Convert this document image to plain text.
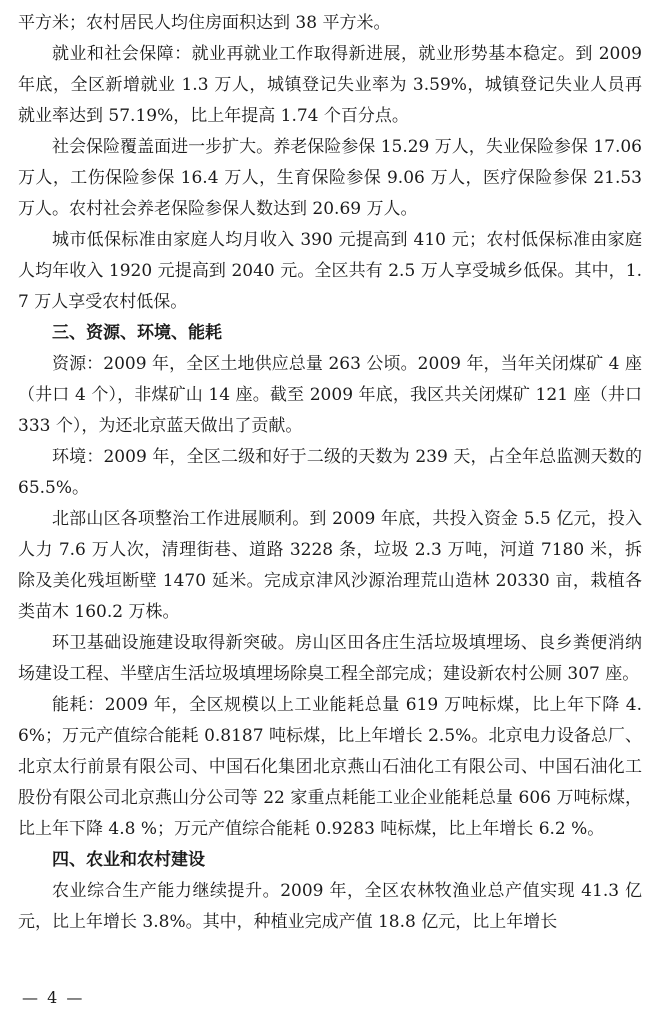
平方米；农村居民人均住房面积达到 38 平方米。

就业和社会保障：就业再就业工作取得新进展，就业形势基本稳定。到 2009 年底，全区新增就业 1.3 万人，城镇登记失业率为 3.59%，城镇登记失业人员再就业率达到 57.19%，比上年提高 1.74 个百分点。

社会保险覆盖面进一步扩大。养老保险参保 15.29 万人，失业保险参保 17.06 万人，工伤保险参保 16.4 万人，生育保险参保 9.06 万人，医疗保险参保 21.53 万人。农村社会养老保险参保人数达到 20.69 万人。

城市低保标准由家庭人均月收入 390 元提高到 410 元；农村低保标准由家庭人均年收入 1920 元提高到 2040 元。全区共有 2.5 万人享受城乡低保。其中，1.7 万人享受农村低保。

三、资源、环境、能耗

资源：2009 年，全区土地供应总量 263 公顷。2009 年，当年关闭煤矿 4 座（井口 4 个），非煤矿山 14 座。截至 2009 年底，我区共关闭煤矿 121 座（井口 333 个），为还北京蓝天做出了贡献。

环境：2009 年，全区二级和好于二级的天数为 239 天，占全年总监测天数的 65.5%。

北部山区各项整治工作进展顺利。到 2009 年底，共投入资金 5.5 亿元，投入人力 7.6 万人次，清理街巷、道路 3228 条，垃圾 2.3 万吨，河道 7180 米，拆除及美化残垣断壁 1470 延米。完成京津风沙源治理荒山造林 20330 亩，栽植各类苗木 160.2 万株。

环卫基础设施建设取得新突破。房山区田各庄生活垃圾填埋场、良乡粪便消纳场建设工程、半壁店生活垃圾填埋场除臭工程全部完成；建设新农村公厕 307 座。

能耗：2009 年，全区规模以上工业能耗总量 619 万吨标煤，比上年下降 4.6%；万元产值综合能耗 0.8187 吨标煤，比上年增长 2.5%。北京电力设备总厂、北京太行前景有限公司、中国石化集团北京燕山石油化工有限公司、中国石油化工股份有限公司北京燕山分公司等 22 家重点耗能工业企业能耗总量 606 万吨标煤，比上年下降 4.8 %；万元产值综合能耗 0.9283 吨标煤，比上年增长 6.2 %。

四、农业和农村建设

农业综合生产能力继续提升。2009 年，全区农林牧渔业总产值实现 41.3 亿元，比上年增长 3.8%。其中，种植业完成产值 18.8 亿元，比上年增长

— 4 —
